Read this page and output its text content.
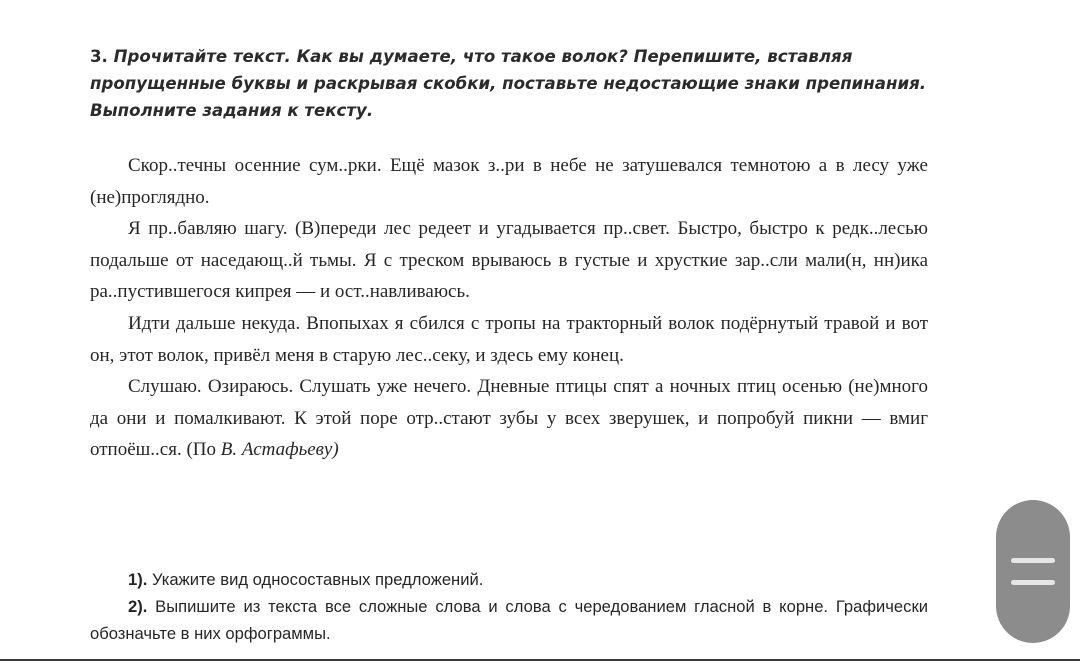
3. Прочитайте текст. Как вы думаете, что такое волок? Перепишите, вставляя пропущенные буквы и раскрывая скобки, поставьте недостающие знаки препинания. Выполните задания к тексту.

Скор..течны осенние сум..рки. Ещё мазок з..ри в небе не затушевался темнотою а в лесу уже (не)проглядно.

Я пр..бавляю шагу. (В)переди лес редеет и угадывается пр..свет. Быстро, быстро к редк..лесью подальше от наседающ..й тьмы. Я с треском врываюсь в густые и хрусткие зар..сли мали(н, нн)ика ра..пустившегося кипрея — и ост..навливаюсь.

Идти дальше некуда. Впопыхах я сбился с тропы на тракторный волок подёрнутый травой и вот он, этот волок, привёл меня в старую лес..секу, и здесь ему конец.

Слушаю. Озираюсь. Слушать уже нечего. Дневные птицы спят а ночных птиц осенью (не)много да они и помалкивают. К этой поре отр..стают зубы у всех зверушек, и попробуй пикни — вмиг отпоёш..ся. (По В. Астафьеву)

1). Укажите вид односоставных предложений.

2). Выпишите из текста все сложные слова и слова с чередованием гласной в корне. Графически обозначьте в них орфограммы.
